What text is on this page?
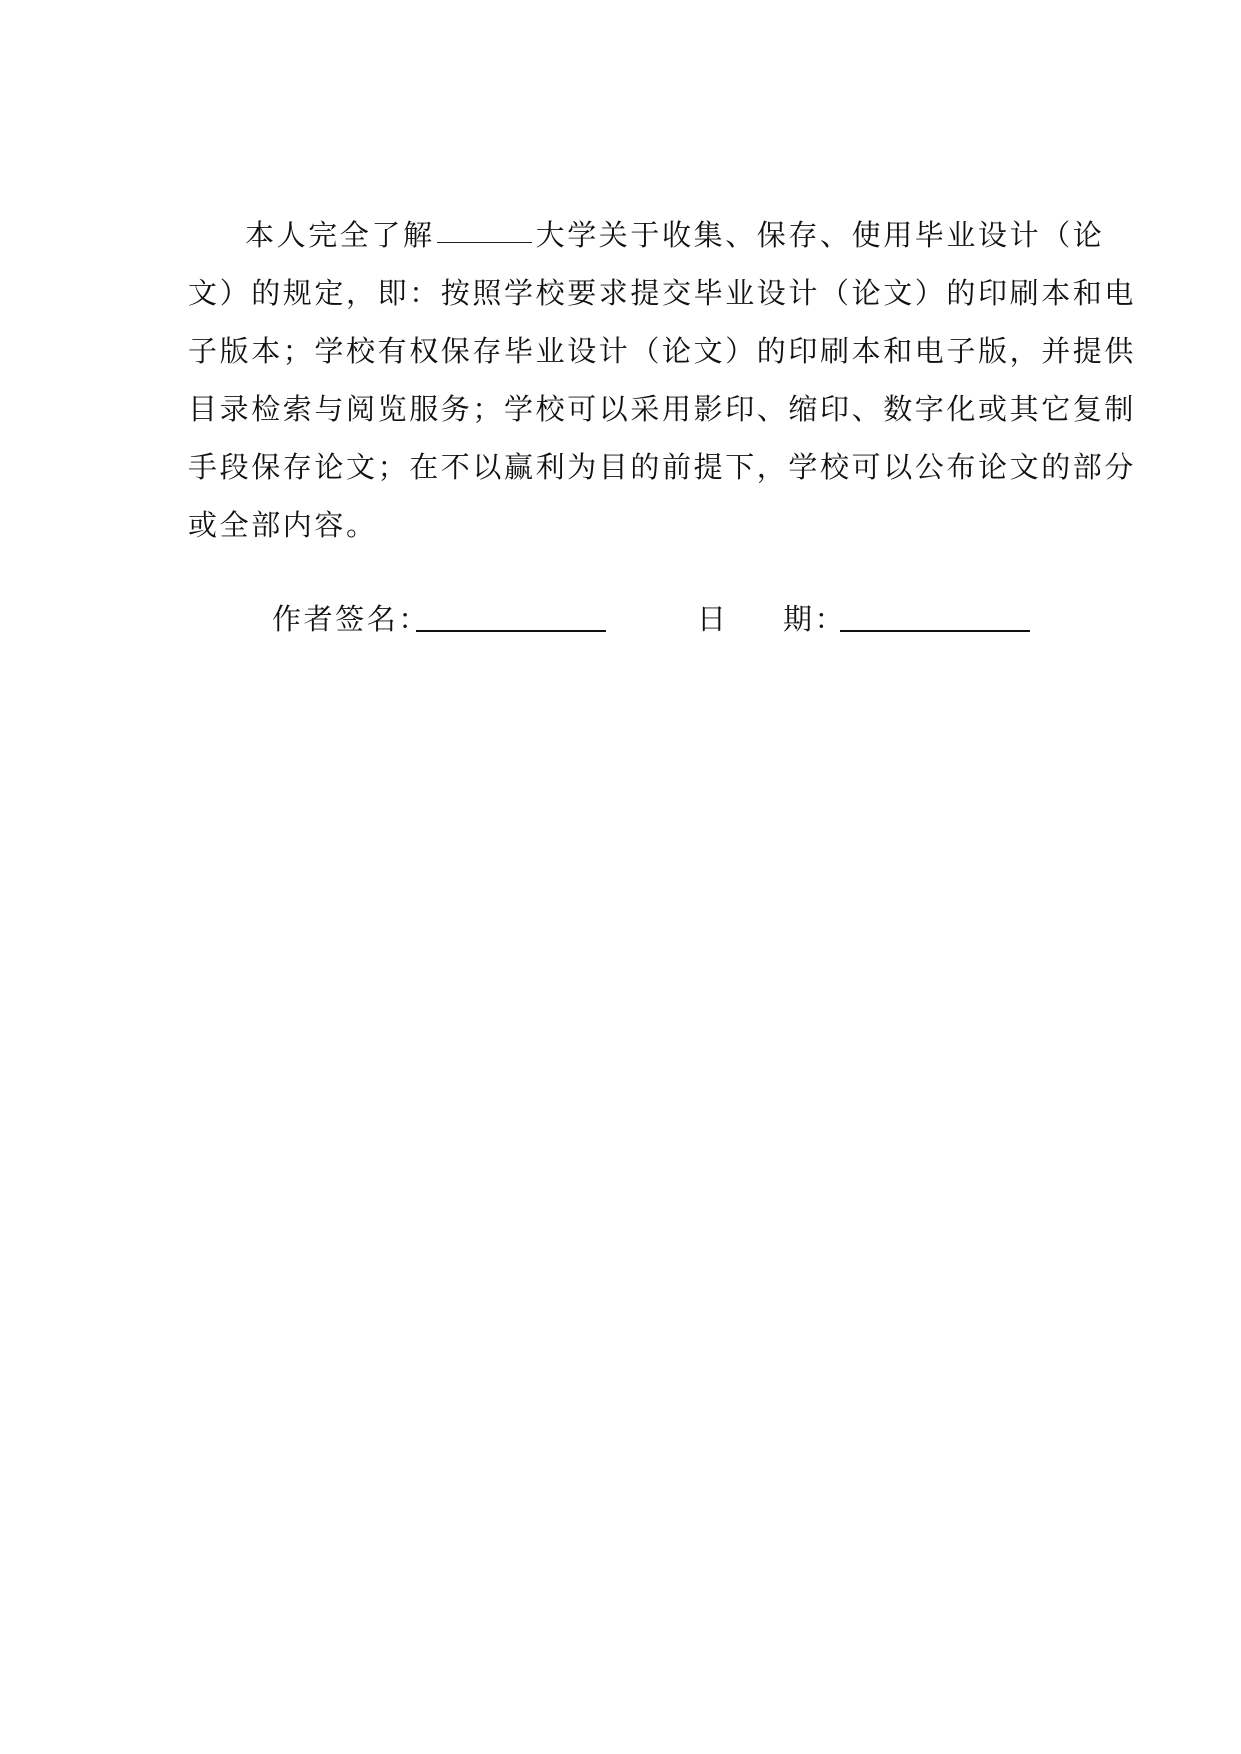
本人完全了解	大学关于收集、保存、使用毕业设计（论
文）的规定，即：按照学校要求提交毕业设计（论文）的印刷本和电
子版本；学校有权保存毕业设计（论文）的印刷本和电子版，并提供
目录检索与阅览服务；学校可以采用影印、缩印、数字化或其它复制
手段保存论文；在不以赢利为目的前提下，学校可以公布论文的部分
或全部内容。
作者签名：	日 期：
